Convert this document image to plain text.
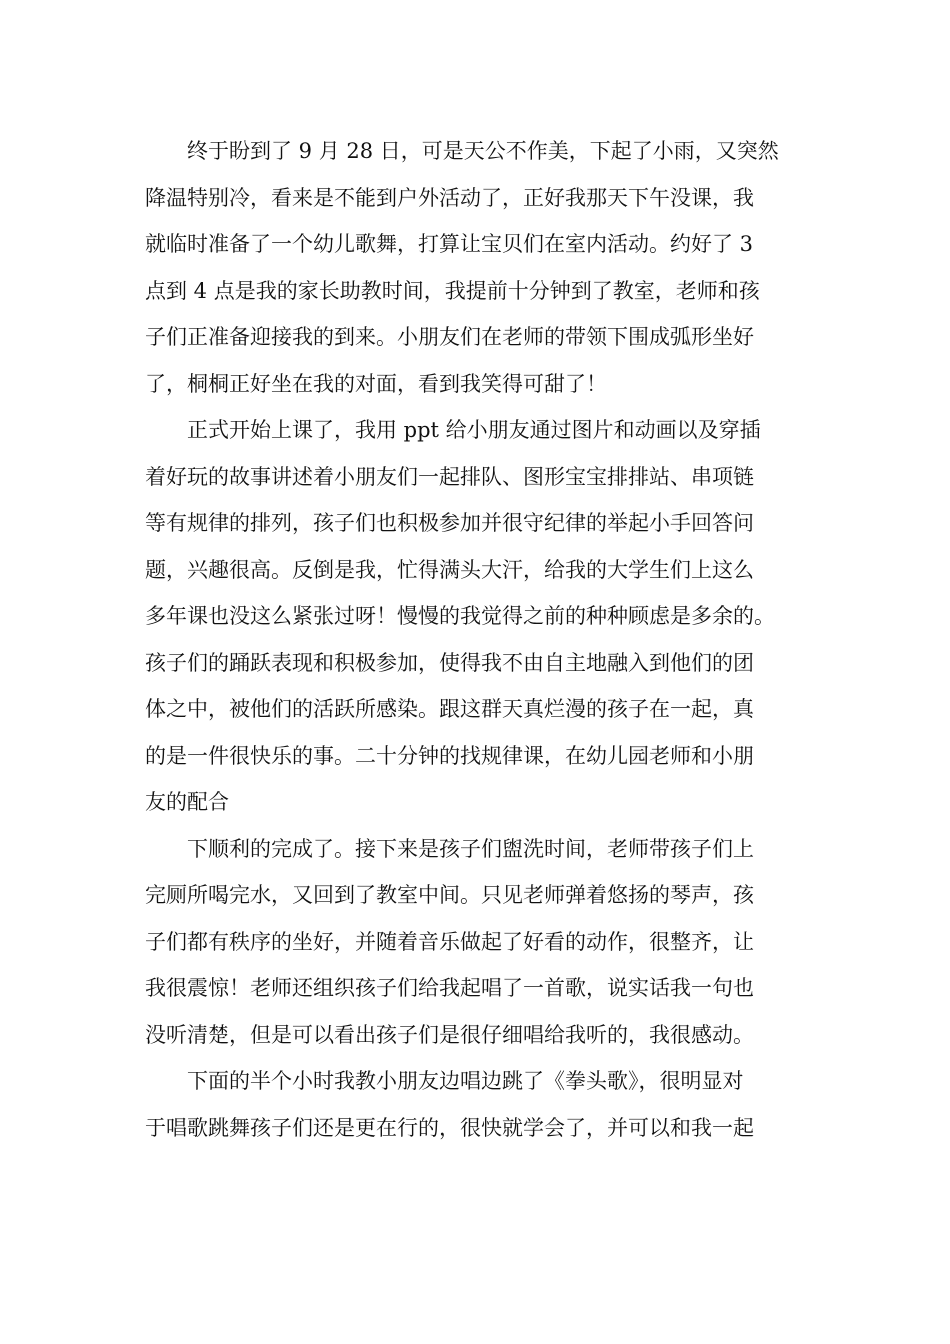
终于盼到了 9 月 28 日，可是天公不作美，下起了小雨，又突然
降温特别冷，看来是不能到户外活动了，正好我那天下午没课，我
就临时准备了一个幼儿歌舞，打算让宝贝们在室内活动。约好了 3
点到 4 点是我的家长助教时间，我提前十分钟到了教室，老师和孩
子们正准备迎接我的到来。小朋友们在老师的带领下围成弧形坐好
了，桐桐正好坐在我的对面，看到我笑得可甜了！
正式开始上课了，我用 ppt 给小朋友通过图片和动画以及穿插
着好玩的故事讲述着小朋友们一起排队、图形宝宝排排站、串项链
等有规律的排列，孩子们也积极参加并很守纪律的举起小手回答问
题，兴趣很高。反倒是我，忙得满头大汗，给我的大学生们上这么
多年课也没这么紧张过呀！慢慢的我觉得之前的种种顾虑是多余的。
孩子们的踊跃表现和积极参加，使得我不由自主地融入到他们的团
体之中，被他们的活跃所感染。跟这群天真烂漫的孩子在一起，真
的是一件很快乐的事。二十分钟的找规律课，在幼儿园老师和小朋
友的配合
下顺利的完成了。接下来是孩子们盥洗时间，老师带孩子们上
完厕所喝完水，又回到了教室中间。只见老师弹着悠扬的琴声，孩
子们都有秩序的坐好，并随着音乐做起了好看的动作，很整齐，让
我很震惊！老师还组织孩子们给我起唱了一首歌，说实话我一句也
没听清楚，但是可以看出孩子们是很仔细唱给我听的，我很感动。
下面的半个小时我教小朋友边唱边跳了《拳头歌》，很明显对
于唱歌跳舞孩子们还是更在行的，很快就学会了，并可以和我一起
